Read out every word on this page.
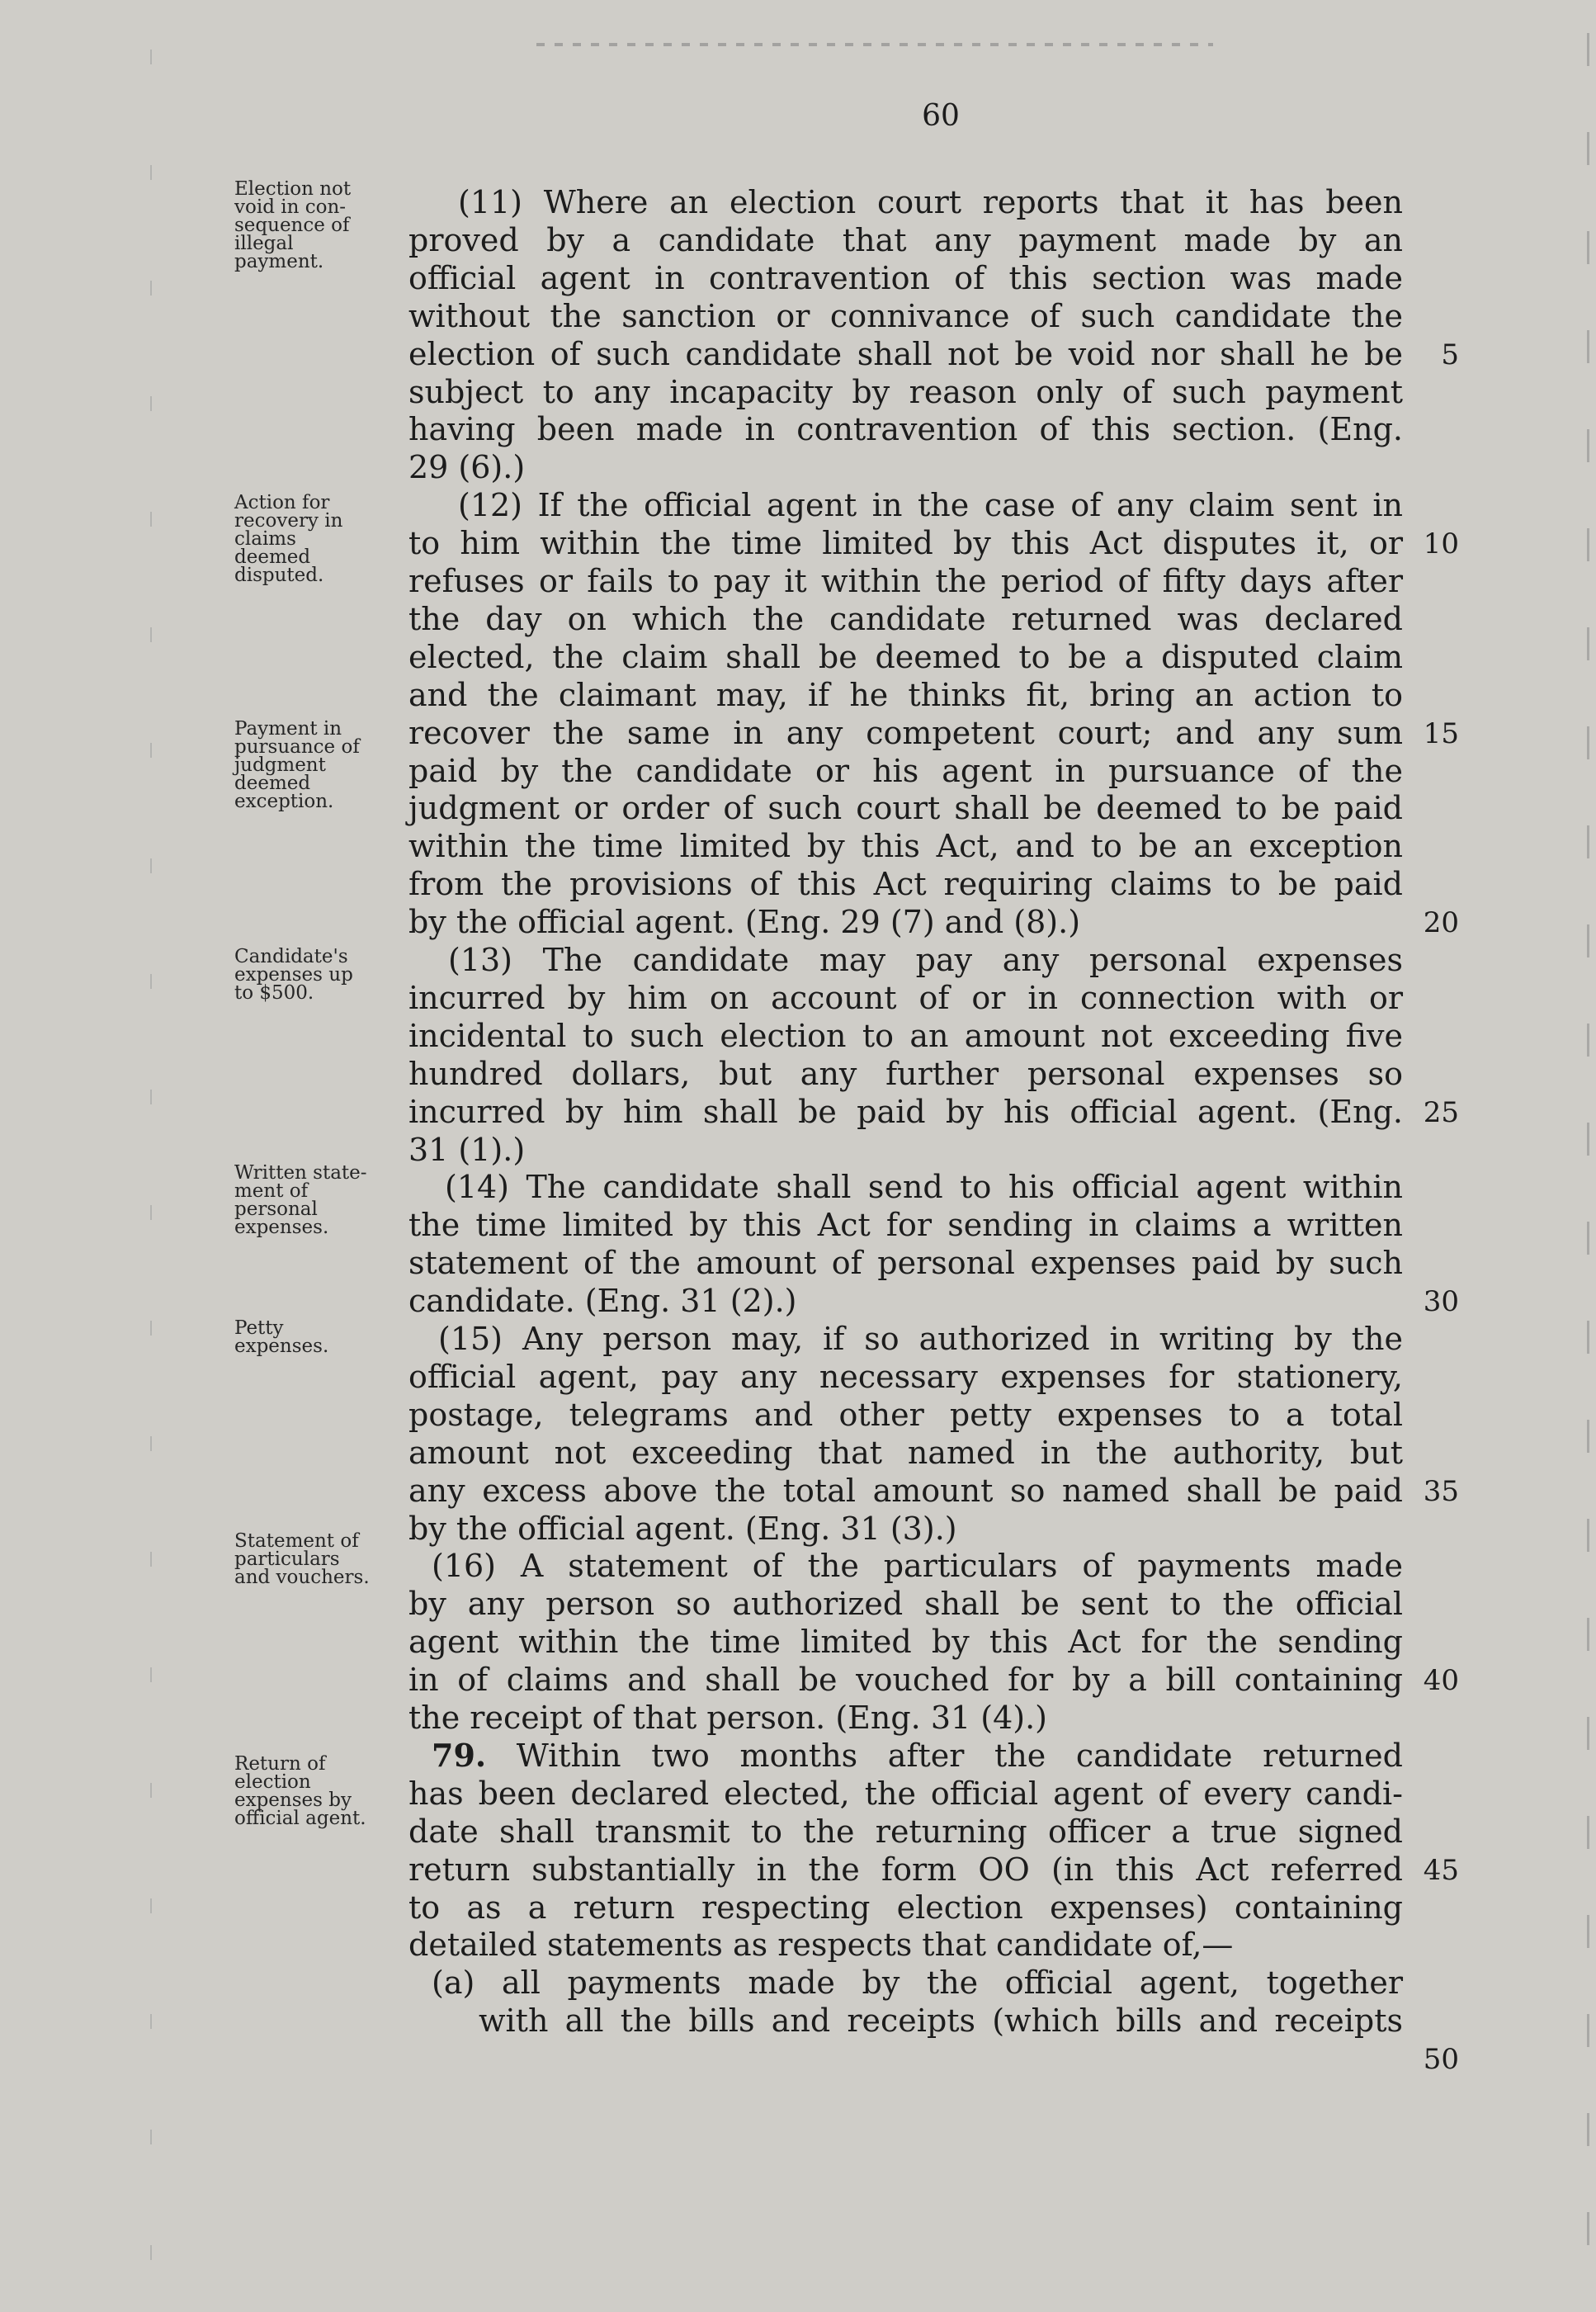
60
Election not
void in con-
sequence of
illegal
payment.
Action for
recovery in
claims
deemed
disputed.
Payment in
pursuance of
judgment
deemed
exception.
Candidate's
expenses up
to $500.
Written state-
ment of
personal
expenses.
Petty
expenses.
Statement of
particulars
and vouchers.
Return of
election
expenses by
official agent.
(11) Where an election court reports that it has been
proved by a candidate that any payment made by an
official agent in contravention of this section was made
without the sanction or connivance of such candidate the
election of such candidate shall not be void nor shall he be
subject to any incapacity by reason only of such payment
having been made in contravention of this section. (Eng.
29 (6).)
(12) If the official agent in the case of any claim sent in
to him within the time limited by this Act disputes it, or
refuses or fails to pay it within the period of fifty days after
the day on which the candidate returned was declared
elected, the claim shall be deemed to be a disputed claim
and the claimant may, if he thinks fit, bring an action to
recover the same in any competent court; and any sum
paid by the candidate or his agent in pursuance of the
judgment or order of such court shall be deemed to be paid
within the time limited by this Act, and to be an exception
from the provisions of this Act requiring claims to be paid
by the official agent. (Eng. 29 (7) and (8).)
(13) The candidate may pay any personal expenses
incurred by him on account of or in connection with or
incidental to such election to an amount not exceeding five
hundred dollars, but any further personal expenses so
incurred by him shall be paid by his official agent. (Eng.
31 (1).)
(14) The candidate shall send to his official agent within
the time limited by this Act for sending in claims a written
statement of the amount of personal expenses paid by such
candidate. (Eng. 31 (2).)
(15) Any person may, if so authorized in writing by the
official agent, pay any necessary expenses for stationery,
postage, telegrams and other petty expenses to a total
amount not exceeding that named in the authority, but
any excess above the total amount so named shall be paid
by the official agent. (Eng. 31 (3).)
(16) A statement of the particulars of payments made
by any person so authorized shall be sent to the official
agent within the time limited by this Act for the sending
in of claims and shall be vouched for by a bill containing
the receipt of that person. (Eng. 31 (4).)
79. Within two months after the candidate returned
has been declared elected, the official agent of every candi-
date shall transmit to the returning officer a true signed
return substantially in the form OO (in this Act referred
to as a return respecting election expenses) containing
detailed statements as respects that candidate of,—
(a) all payments made by the official agent, together
with all the bills and receipts (which bills and receipts
5
10
15
20
25
30
35
40
45
50
